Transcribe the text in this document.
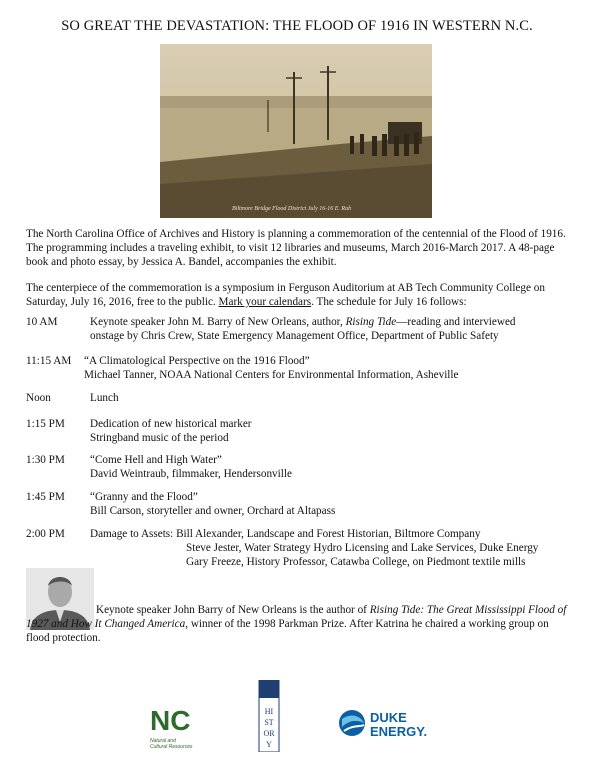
SO GREAT THE DEVASTATION: THE FLOOD OF 1916 IN WESTERN N.C.
Biltmore Bridge Flood District July 16-16 E. Ruh
The North Carolina Office of Archives and History is planning a commemoration of the centennial of the Flood of 1916. The programming includes a traveling exhibit, to visit 12 libraries and museums, March 2016-March 2017. A 48-page book and photo essay, by Jessica A. Bandel, accompanies the exhibit.
The centerpiece of the commemoration is a symposium in Ferguson Auditorium at AB Tech Community College on Saturday, July 16, 2016, free to the public. Mark your calendars. The schedule for July 16 follows:
10 AM	Keynote speaker John M. Barry of New Orleans, author, Rising Tide—reading and interviewed
onstage by Chris Crew, State Emergency Management Office, Department of Public Safety
11:15 AM “A Climatological Perspective on the 1916 Flood”
Michael Tanner, NOAA National Centers for Environmental Information, Asheville
Noon	Lunch
1:15 PM Dedication of new historical marker
Stringband music of the period
1:30 PM “Come Hell and High Water”
David Weintraub, filmmaker, Hendersonville
1:45 PM “Granny and the Flood”
Bill Carson, storyteller and owner, Orchard at Altapass
2:00 PM Damage to Assets: Bill Alexander, Landscape and Forest Historian, Biltmore Company
Steve Jester, Water Strategy Hydro Licensing and Lake Services, Duke Energy
Gary Freeze, History Professor, Catawba College, on Piedmont textile mills
Keynote speaker John Barry of New Orleans is the author of Rising Tide: The Great Mississippi Flood of 1927 and How It Changed America, winner of the 1998 Parkman Prize. After Katrina he chaired a working group on flood protection.
NC
Natural and
Cultural Resources
HI
ST
OR
Y
DUKE
ENERGY.
